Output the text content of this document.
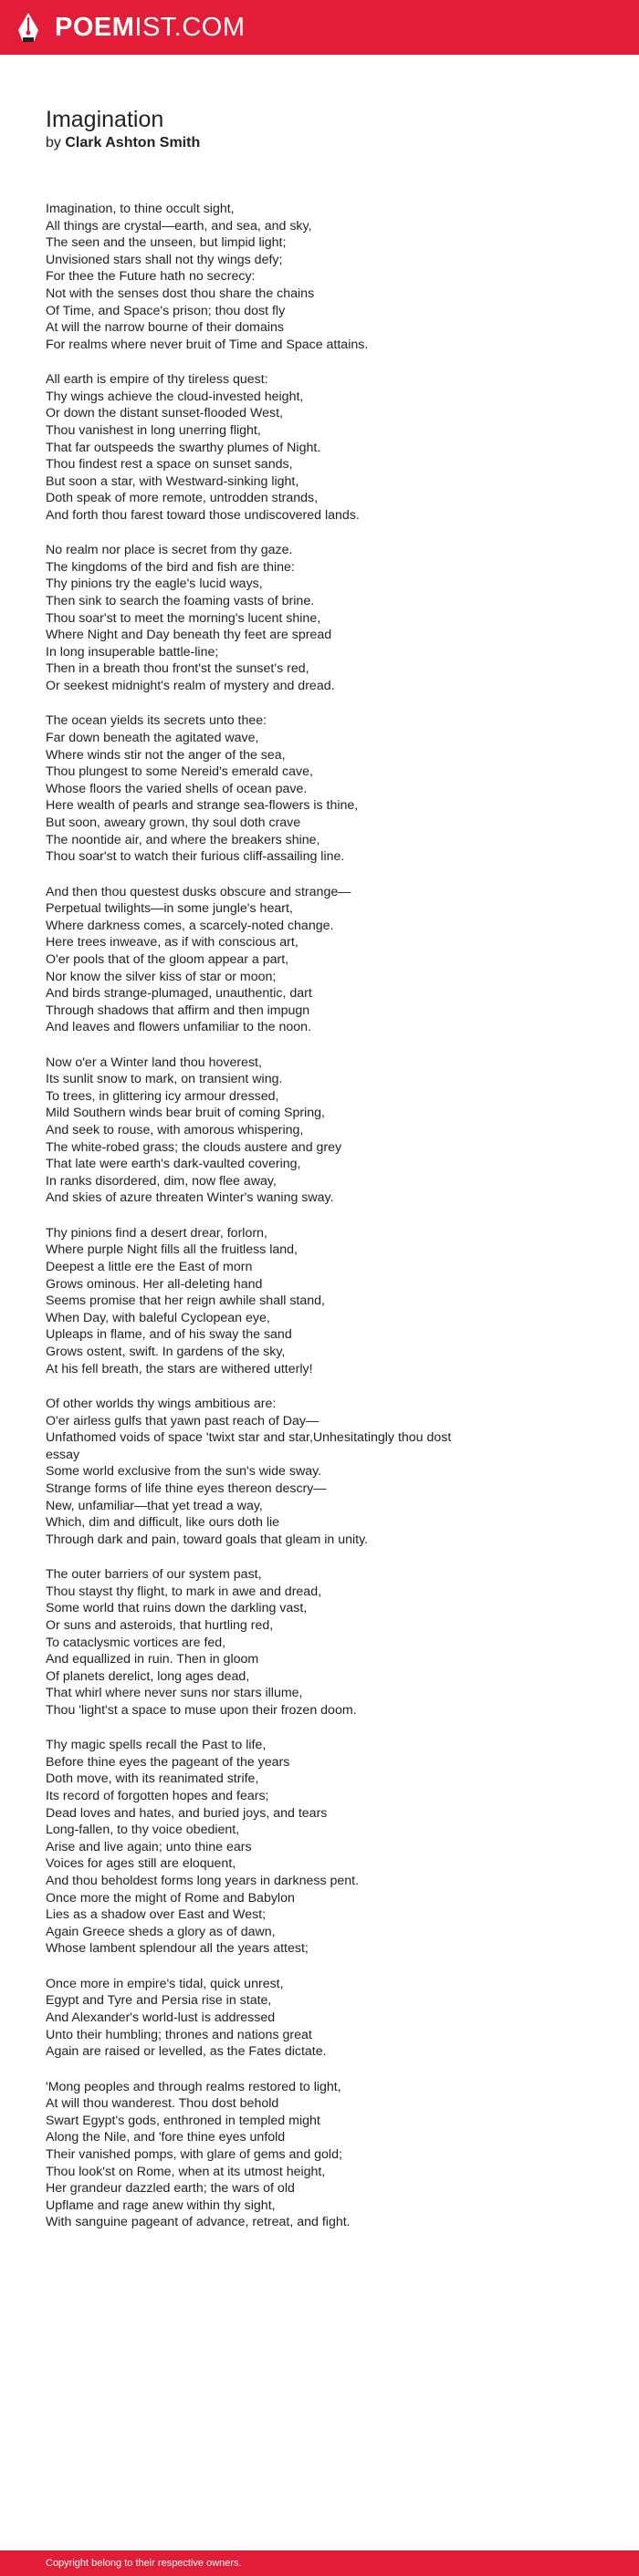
POEMIST.COM
Imagination
by Clark Ashton Smith
Imagination, to thine occult sight,
All things are crystal—earth, and sea, and sky,
The seen and the unseen, but limpid light;
Unvisioned stars shall not thy wings defy;
For thee the Future hath no secrecy:
Not with the senses dost thou share the chains
Of Time, and Space's prison; thou dost fly
At will the narrow bourne of their domains
For realms where never bruit of Time and Space attains.
All earth is empire of thy tireless quest:
Thy wings achieve the cloud-invested height,
Or down the distant sunset-flooded West,
Thou vanishest in long unerring flight,
That far outspeeds the swarthy plumes of Night.
Thou findest rest a space on sunset sands,
But soon a star, with Westward-sinking light,
Doth speak of more remote, untrodden strands,
And forth thou farest toward those undiscovered lands.
No realm nor place is secret from thy gaze.
The kingdoms of the bird and fish are thine:
Thy pinions try the eagle's lucid ways,
Then sink to search the foaming vasts of brine.
Thou soar'st to meet the morning's lucent shine,
Where Night and Day beneath thy feet are spread
In long insuperable battle-line;
Then in a breath thou front'st the sunset's red,
Or seekest midnight's realm of mystery and dread.
The ocean yields its secrets unto thee:
Far down beneath the agitated wave,
Where winds stir not the anger of the sea,
Thou plungest to some Nereid's emerald cave,
Whose floors the varied shells of ocean pave.
Here wealth of pearls and strange sea-flowers is thine,
But soon, aweary grown, thy soul doth crave
The noontide air, and where the breakers shine,
Thou soar'st to watch their furious cliff-assailing line.
And then thou questest dusks obscure and strange—
Perpetual twilights—in some jungle's heart,
Where darkness comes, a scarcely-noted change.
Here trees inweave, as if with conscious art,
O'er pools that of the gloom appear a part,
Nor know the silver kiss of star or moon;
And birds strange-plumaged, unauthentic, dart
Through shadows that affirm and then impugn
And leaves and flowers unfamiliar to the noon.
Now o'er a Winter land thou hoverest,
Its sunlit snow to mark, on transient wing.
To trees, in glittering icy armour dressed,
Mild Southern winds bear bruit of coming Spring,
And seek to rouse, with amorous whispering,
The white-robed grass; the clouds austere and grey
That late were earth's dark-vaulted covering,
In ranks disordered, dim, now flee away,
And skies of azure threaten Winter's waning sway.
Thy pinions find a desert drear, forlorn,
Where purple Night fills all the fruitless land,
Deepest a little ere the East of morn
Grows ominous. Her all-deleting hand
Seems promise that her reign awhile shall stand,
When Day, with baleful Cyclopean eye,
Upleaps in flame, and of his sway the sand
Grows ostent, swift. In gardens of the sky,
At his fell breath, the stars are withered utterly!
Of other worlds thy wings ambitious are:
O'er airless gulfs that yawn past reach of Day—
Unfathomed voids of space 'twixt star and star,Unhesitatingly thou dost
essay
Some world exclusive from the sun's wide sway.
Strange forms of life thine eyes thereon descry—
New, unfamiliar—that yet tread a way,
Which, dim and difficult, like ours doth lie
Through dark and pain, toward goals that gleam in unity.
The outer barriers of our system past,
Thou stayst thy flight, to mark in awe and dread,
Some world that ruins down the darkling vast,
Or suns and asteroids, that hurtling red,
To cataclysmic vortices are fed,
And equallized in ruin. Then in gloom
Of planets derelict, long ages dead,
That whirl where never suns nor stars illume,
Thou 'light'st a space to muse upon their frozen doom.
Thy magic spells recall the Past to life,
Before thine eyes the pageant of the years
Doth move, with its reanimated strife,
Its record of forgotten hopes and fears;
Dead loves and hates, and buried joys, and tears
Long-fallen, to thy voice obedient,
Arise and live again; unto thine ears
Voices for ages still are eloquent,
And thou beholdest forms long years in darkness pent.
Once more the might of Rome and Babylon
Lies as a shadow over East and West;
Again Greece sheds a glory as of dawn,
Whose lambent splendour all the years attest;
Once more in empire's tidal, quick unrest,
Egypt and Tyre and Persia rise in state,
And Alexander's world-lust is addressed
Unto their humbling; thrones and nations great
Again are raised or levelled, as the Fates dictate.
'Mong peoples and through realms restored to light,
At will thou wanderest. Thou dost behold
Swart Egypt's gods, enthroned in templed might
Along the Nile, and 'fore thine eyes unfold
Their vanished pomps, with glare of gems and gold;
Thou look'st on Rome, when at its utmost height,
Her grandeur dazzled earth; the wars of old
Upflame and rage anew within thy sight,
With sanguine pageant of advance, retreat, and fight.
Copyright belong to their respective owners.
